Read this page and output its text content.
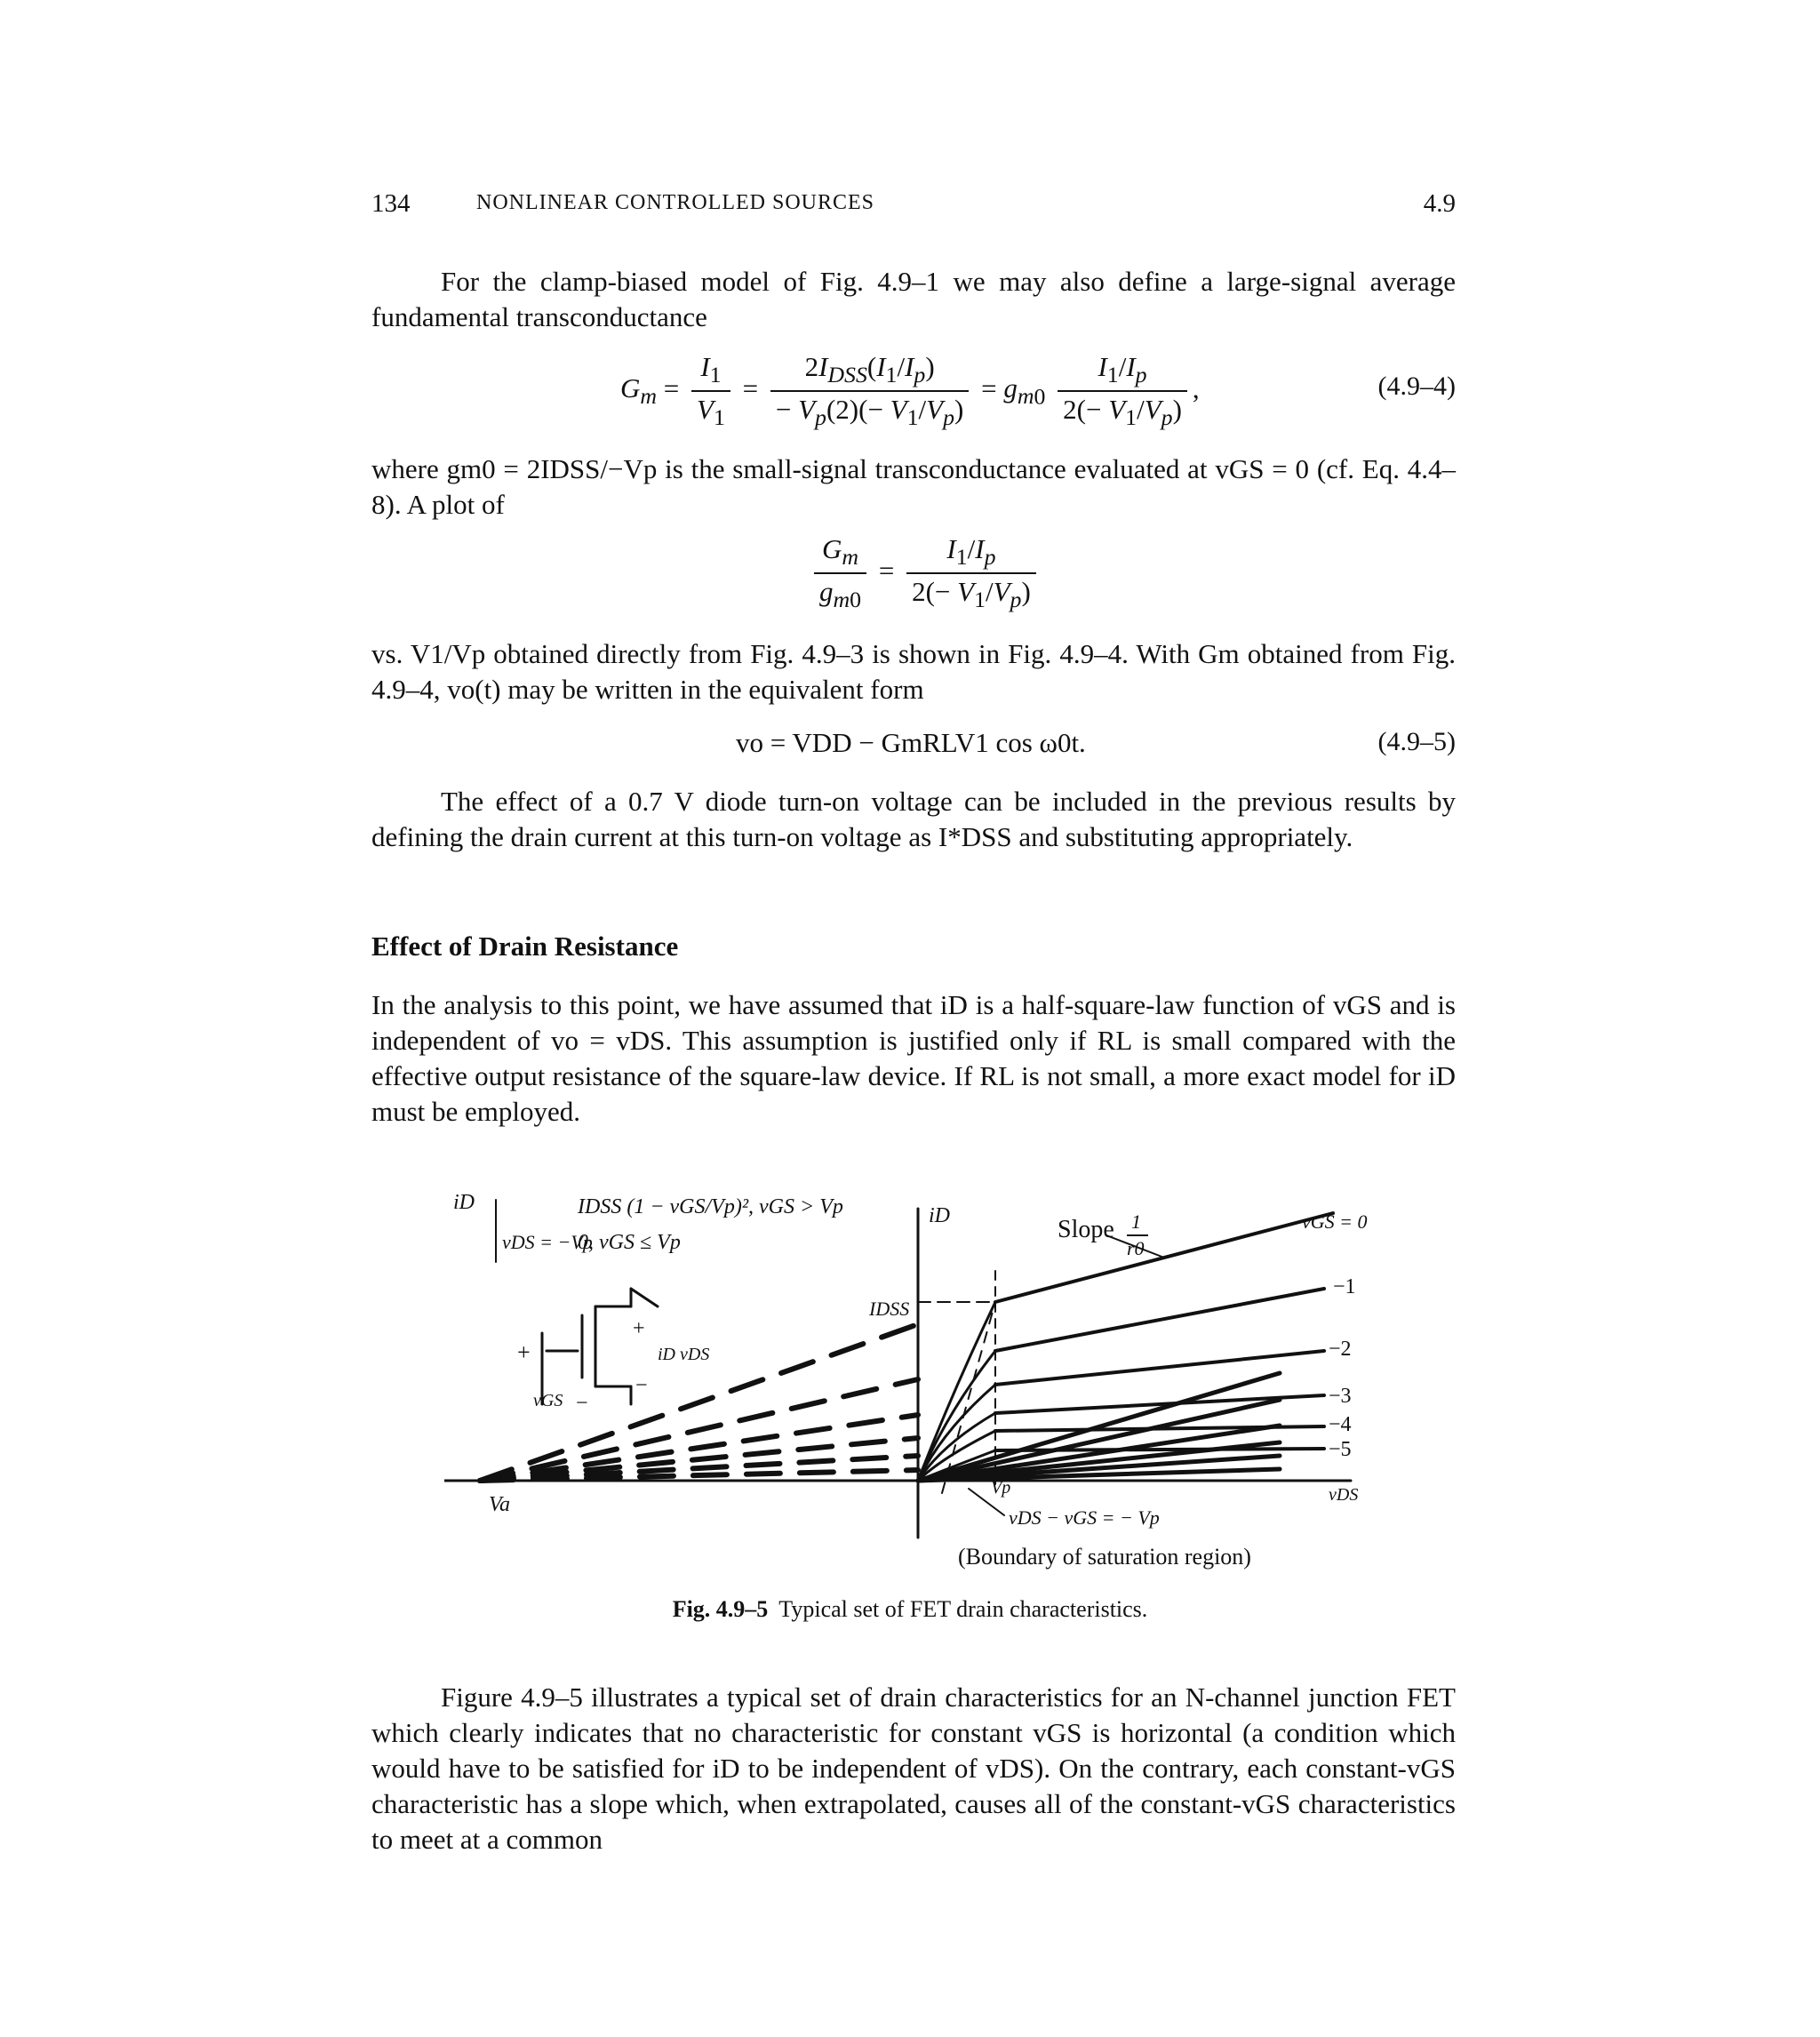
134	NONLINEAR CONTROLLED SOURCES	4.9

For the clamp-biased model of Fig. 4.9–1 we may also define a large-signal average fundamental transconductance

$G_m = \frac{I_1}{V_1} = \frac{2I_{DSS}(I_1/I_p)}{- V_p(2)(- V_1/V_p)} = g_{m0} \frac{I_1/I_p}{2(- V_1/V_p)}$ ,	(4.9–4)

where gm0 = 2IDSS/−Vp is the small-signal transconductance evaluated at vGS = 0 (cf. Eq. 4.4–8). A plot of

$\frac{G_m}{g_{m0}} = \frac{I_1/I_p}{2(- V_1/V_p)}$

vs. V1/Vp obtained directly from Fig. 4.9–3 is shown in Fig. 4.9–4. With Gm obtained from Fig. 4.9–4, vo(t) may be written in the equivalent form

vo = VDD − GmRLV1 cos ω0t.	(4.9–5)

The effect of a 0.7 V diode turn-on voltage can be included in the previous results by defining the drain current at this turn-on voltage as I*DSS and substituting appropriately.

Effect of Drain Resistance

In the analysis to this point, we have assumed that iD is a half-square-law function of vGS and is independent of vo = vDS. This assumption is justified only if RL is small compared with the effective output resistance of the square-law device. If RL is not small, a more exact model for iD must be employed.

iD
vDS = −Vp
IDSS (1 − vGS/Vp)², vGS > Vp
0, vGS ≤ Vp
iD
IDSS
Slope 1
r0
vGS = 0
−1
−2
−3
−4
−5
vDS
Vp
Va
vDS − vGS = − Vp
(Boundary of saturation region)
+
iD vDS
+
vGS −
−
Fig. 4.9–5 Typical set of FET drain characteristics.

Figure 4.9–5 illustrates a typical set of drain characteristics for an N-channel junction FET which clearly indicates that no characteristic for constant vGS is horizontal (a condition which would have to be satisfied for iD to be independent of vDS). On the contrary, each constant-vGS characteristic has a slope which, when extrapolated, causes all of the constant-vGS characteristics to meet at a common
